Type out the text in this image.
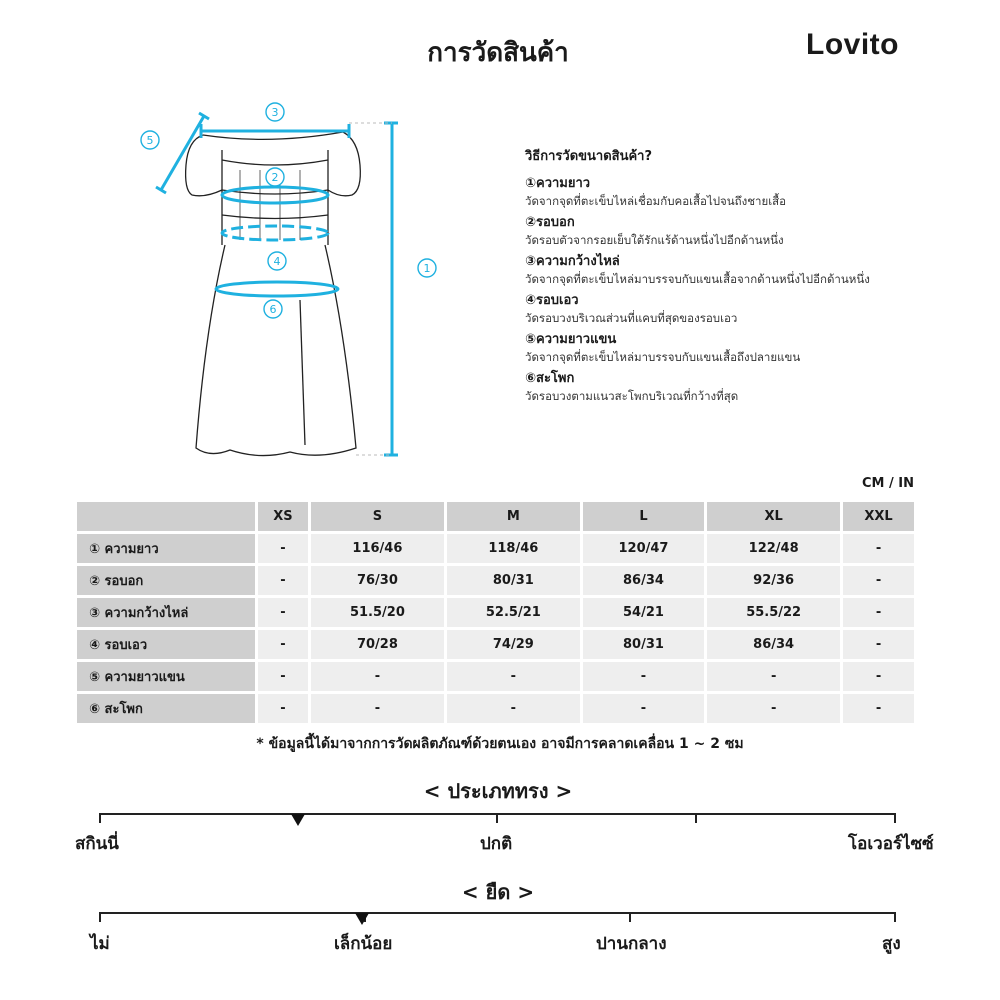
การวัดสินค้า	Lovito
1
2
3
4
5
6
วิธีการวัดขนาดสินค้า?
①ความยาว
วัดจากจุดที่ตะเข็บไหล่เชื่อมกับคอเสื้อไปจนถึงชายเสื้อ
②รอบอก
วัดรอบตัวจากรอยเย็บใต้รักแร้ด้านหนึ่งไปอีกด้านหนึ่ง
③ความกว้างไหล่
วัดจากจุดที่ตะเข็บไหล่มาบรรจบกับแขนเสื้อจากด้านหนึ่งไปอีกด้านหนึ่ง
④รอบเอว
วัดรอบวงบริเวณส่วนที่แคบที่สุดของรอบเอว
⑤ความยาวแขน
วัดจากจุดที่ตะเข็บไหล่มาบรรจบกับแขนเสื้อถึงปลายแขน
⑥สะโพก
วัดรอบวงตามแนวสะโพกบริเวณที่กว้างที่สุด
CM / IN
	XS	S	M	L	XL	XXL
① ความยาว	-	116/46	118/46	120/47	122/48	-
② รอบอก	-	76/30	80/31	86/34	92/36	-
③ ความกว้างไหล่	-	51.5/20	52.5/21	54/21	55.5/22	-
④ รอบเอว	-	70/28	74/29	80/31	86/34	-
⑤ ความยาวแขน	-	-	-	-	-	-
⑥ สะโพก	-	-	-	-	-	-
* ข้อมูลนี้ได้มาจากการวัดผลิตภัณฑ์ด้วยตนเอง อาจมีการคลาดเคลื่อน 1 ~ 2 ซม
< ประเภททรง >
สกินนี่	ปกติ	โอเวอร์ไซซ์
< ยืด >
ไม่	เล็กน้อย	ปานกลาง	สูง
